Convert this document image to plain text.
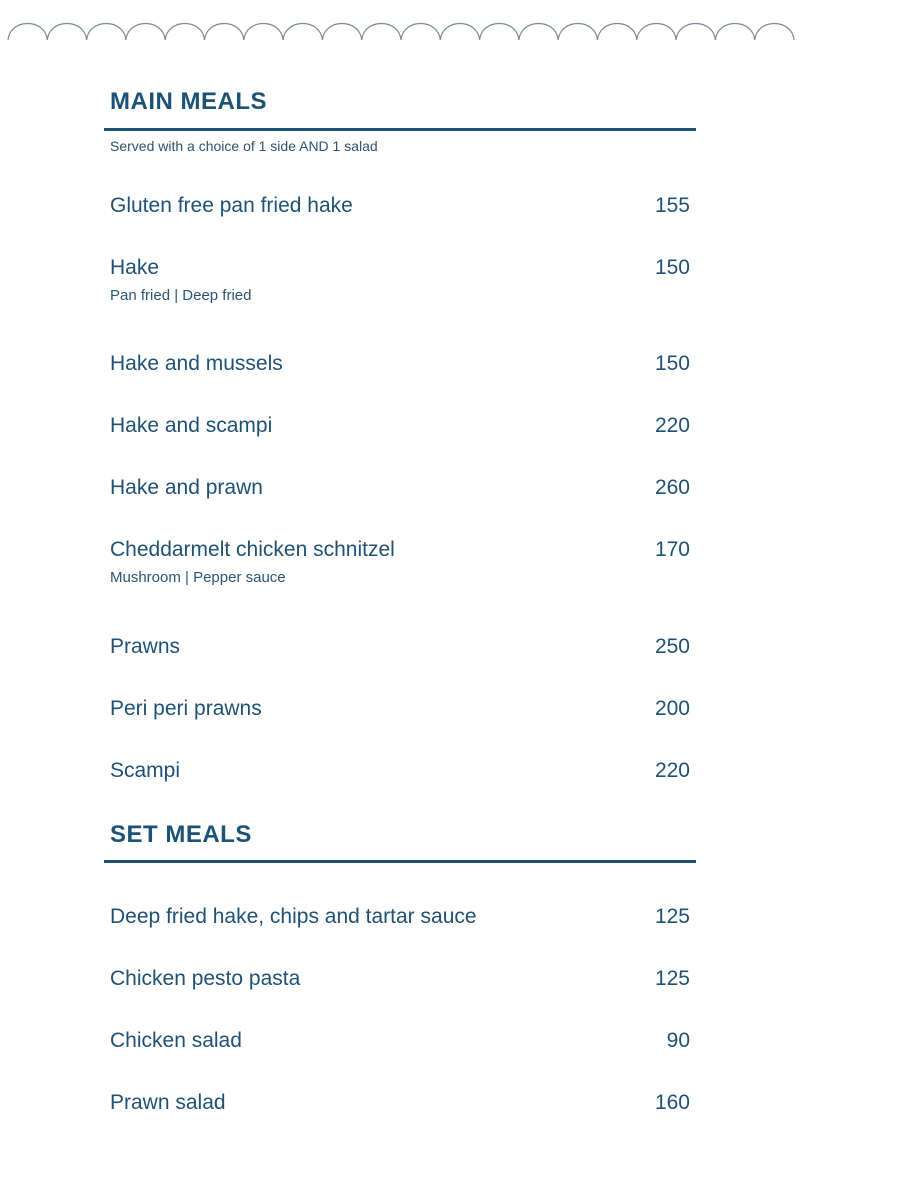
MAIN MEALS
Served with a choice of 1 side AND 1 salad
Gluten free pan fried hake	155
Hake	150
Pan fried | Deep fried
Hake and mussels	150
Hake and scampi	220
Hake and prawn	260
Cheddarmelt chicken schnitzel	170
Mushroom | Pepper sauce
Prawns	250
Peri peri prawns	200
Scampi	220
SET MEALS
Deep fried hake, chips and tartar sauce	125
Chicken pesto pasta	125
Chicken salad	90
Prawn salad	160
